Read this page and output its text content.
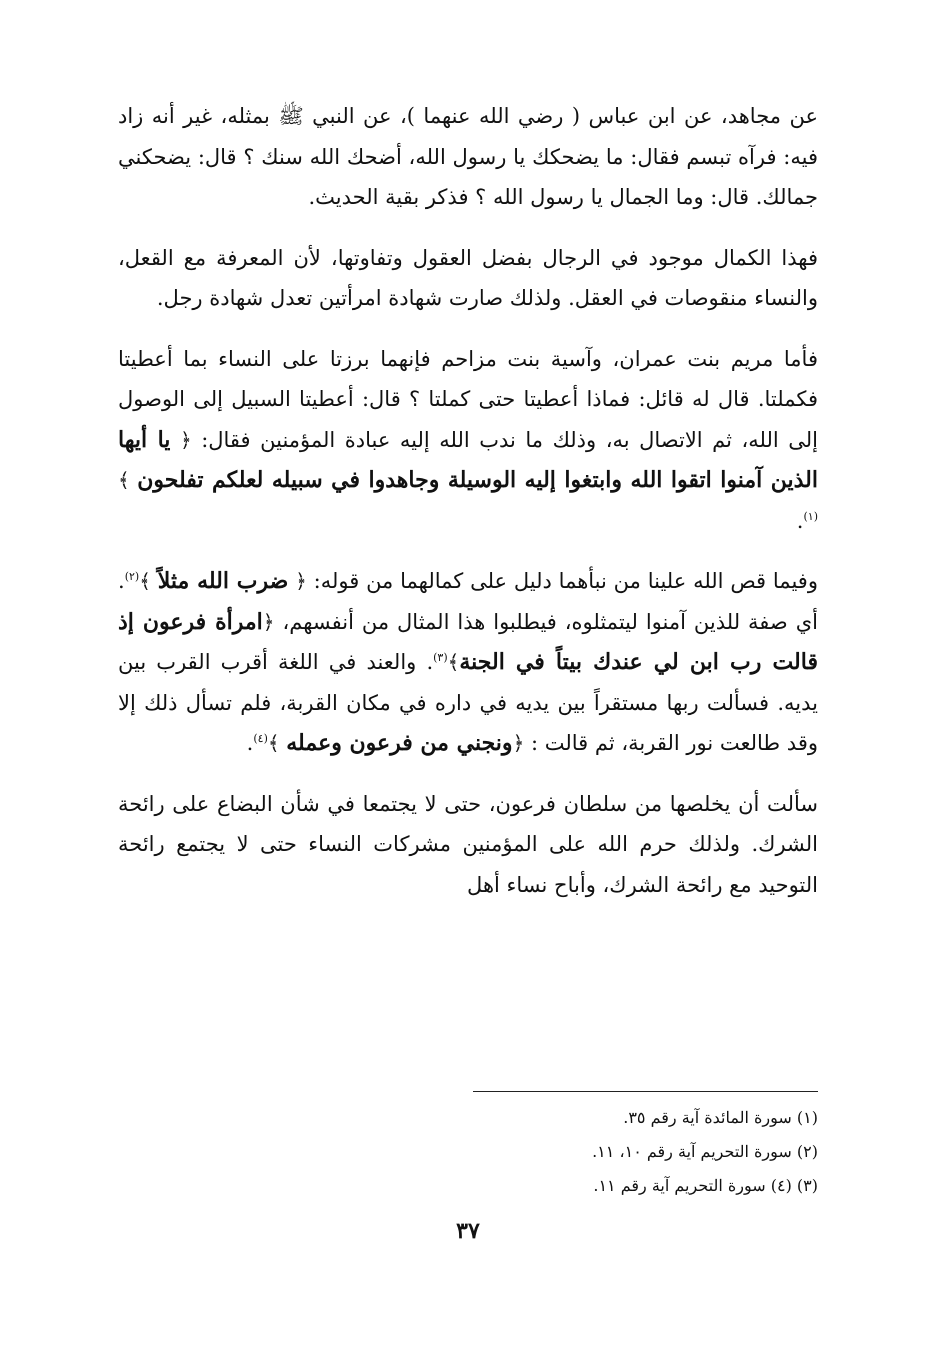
عن مجاهد، عن ابن عباس ( رضي الله عنهما )، عن النبي ﷺ بمثله، غير أنه زاد فيه: فرآه تبسم فقال: ما يضحكك يا رسول الله، أضحك الله سنك ؟ قال: يضحكني جمالك. قال: وما الجمال يا رسول الله ؟ فذكر بقية الحديث.

فهذا الكمال موجود في الرجال بفضل العقول وتفاوتها، لأن المعرفة مع القعل، والنساء منقوصات في العقل. ولذلك صارت شهادة امرأتين تعدل شهادة رجل.

فأما مريم بنت عمران، وآسية بنت مزاحم فإنهما برزتا على النساء بما أعطيتا فكملتا. قال له قائل: فماذا أعطيتا حتى كملتا ؟ قال: أعطيتا السبيل إلى الوصول إلى الله، ثم الاتصال به، وذلك ما ندب الله إليه عبادة المؤمنين فقال: ﴿ يا أيها الذين آمنوا اتقوا الله وابتغوا إليه الوسيلة وجاهدوا في سبيله لعلكم تفلحون ﴾$^{(١)}$.

وفيما قص الله علينا من نبأهما دليل على كمالهما من قوله: ﴿ ضرب الله مثلاً ﴾$^{(٢)}$. أي صفة للذين آمنوا ليتمثلوه، فيطلبوا هذا المثال من أنفسهم، ﴿امرأة فرعون إذ قالت رب ابن لي عندك بيتاً في الجنة﴾$^{(٣)}$. والعند في اللغة أقرب القرب بين يديه. فسألت ربها مستقراً بين يديه في داره في مكان القربة، فلم تسأل ذلك إلا وقد طالعت نور القربة، ثم قالت : ﴿ونجني من فرعون وعمله ﴾$^{(٤)}$.

سألت أن يخلصها من سلطان فرعون، حتى لا يجتمعا في شأن البضاع على رائحة الشرك. ولذلك حرم الله على المؤمنين مشركات النساء حتى لا يجتمع رائحة التوحيد مع رائحة الشرك، وأباح نساء أهل

(١) سورة المائدة آية رقم ٣٥.

(٢) سورة التحريم آية رقم ١٠، ١١.

(٣) (٤) سورة التحريم آية رقم ١١.

٣٧
